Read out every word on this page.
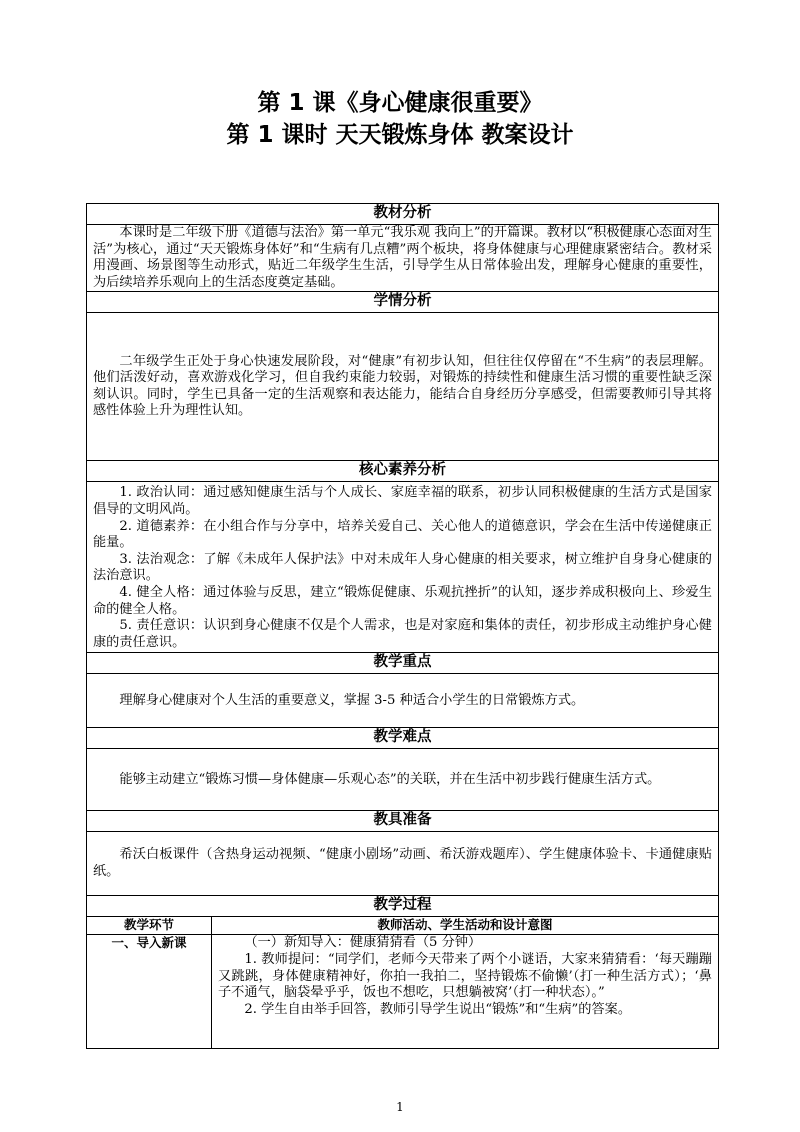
第 1 课《身心健康很重要》
第 1 课时 天天锻炼身体 教案设计
教材分析	

本课时是二年级下册《道德与法治》第一单元“我乐观 我向上”的开篇课。教材以“积极健康心态面对生活”为核心，通过“天天锻炼身体好”和“生病有几点糟”两个板块，将身体健康与心理健康紧密结合。教材采用漫画、场景图等生动形式，贴近二年级学生生活，引导学生从日常体验出发，理解身心健康的重要性，为后续培养乐观向上的生活态度奠定基础。	

学情分析	

二年级学生正处于身心快速发展阶段，对“健康”有初步认知，但往往仅停留在“不生病”的表层理解。他们活泼好动，喜欢游戏化学习，但自我约束能力较弱，对锻炼的持续性和健康生活习惯的重要性缺乏深刻认识。同时，学生已具备一定的生活观察和表达能力，能结合自身经历分享感受，但需要教师引导其将感性体验上升为理性认知。	

核心素养分析	

1. 政治认同：通过感知健康生活与个人成长、家庭幸福的联系，初步认同积极健康的生活方式是国家倡导的文明风尚。

2. 道德素养：在小组合作与分享中，培养关爱自己、关心他人的道德意识，学会在生活中传递健康正能量。

3. 法治观念：了解《未成年人保护法》中对未成年人身心健康的相关要求，树立维护自身身心健康的法治意识。

4. 健全人格：通过体验与反思，建立“锻炼促健康、乐观抗挫折”的认知，逐步养成积极向上、珍爱生命的健全人格。

5. 责任意识：认识到身心健康不仅是个人需求，也是对家庭和集体的责任，初步形成主动维护身心健康的责任意识。	

教学重点	

理解身心健康对个人生活的重要意义，掌握 3-5 种适合小学生的日常锻炼方式。	

教学难点	

能够主动建立“锻炼习惯—身体健康—乐观心态”的关联，并在生活中初步践行健康生活方式。	

教具准备	

希沃白板课件（含热身运动视频、“健康小剧场”动画、希沃游戏题库）、学生健康体验卡、卡通健康贴纸。	

教学过程	
教学环节	教师活动、学生活动和设计意图
一、导入新课	（一）新知导入：健康猜猜看（5 分钟）

1. 教师提问：“同学们，老师今天带来了两个小谜语，大家来猜猜看：‘每天蹦蹦又跳跳，身体健康精神好，你拍一我拍二，坚持锻炼不偷懒’（打一种生活方式）；‘鼻子不通气，脑袋晕乎乎，饭也不想吃，只想躺被窝’（打一种状态）。”

2. 学生自由举手回答，教师引导学生说出“锻炼”和“生病”的答案。

1
